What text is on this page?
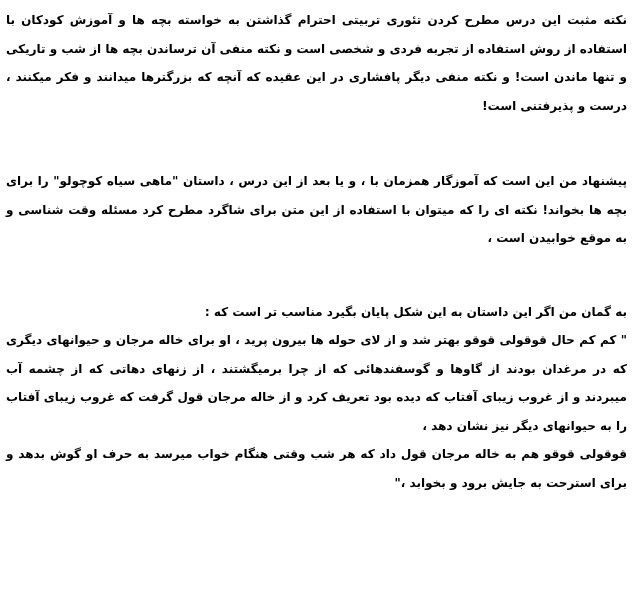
نکته مثبت این درس مطرح کردن تئوری تربیتی احترام گذاشتن به خواسته بچه ها و آموزش کودکان با استفاده از روش استفاده از تجربه فردی و شخصی است و نکته منفی آن ترساندن بچه ها از شب و تاریکی و تنها ماندن است! و نکته منفی دیگر پافشاری در این عقیده که آنچه که بزرگترها میدانند و فکر میکنند ، درست و پذیرفتنی است!

پیشنهاد من این است که آموزگار همزمان با ، و یا بعد از این درس ، داستان "ماهی سیاه کوچولو" را برای بچه ها بخواند! نکته ای را که میتوان با استفاده از این متن برای شاگرد مطرح کرد مسئله وقت شناسی و به موقع خوابیدن است ،

به گمان من اگر این داستان به این شکل پایان بگیرد مناسب تر است که :

" کم کم حال قوقولی قوقو بهتر شد و از لای حوله ها بیرون پرید ، او برای خاله مرجان و حیوانهای دیگری که در مرغدان بودند از گاوها و گوسفندهائی که از چرا برمیگشتند ، از زنهای دهاتی که از چشمه آب میبردند و از غروب زیبای آفتاب که دیده بود تعریف کرد و از خاله مرجان قول گرفت که غروب زیبای آفتاب را به حیوانهای دیگر نیز نشان دهد ،

قوقولی قوقو هم به خاله مرجان قول داد که هر شب وقتی هنگام خواب میرسد به حرف او گوش بدهد و برای استرحت به جایش برود و بخوابد ،"
